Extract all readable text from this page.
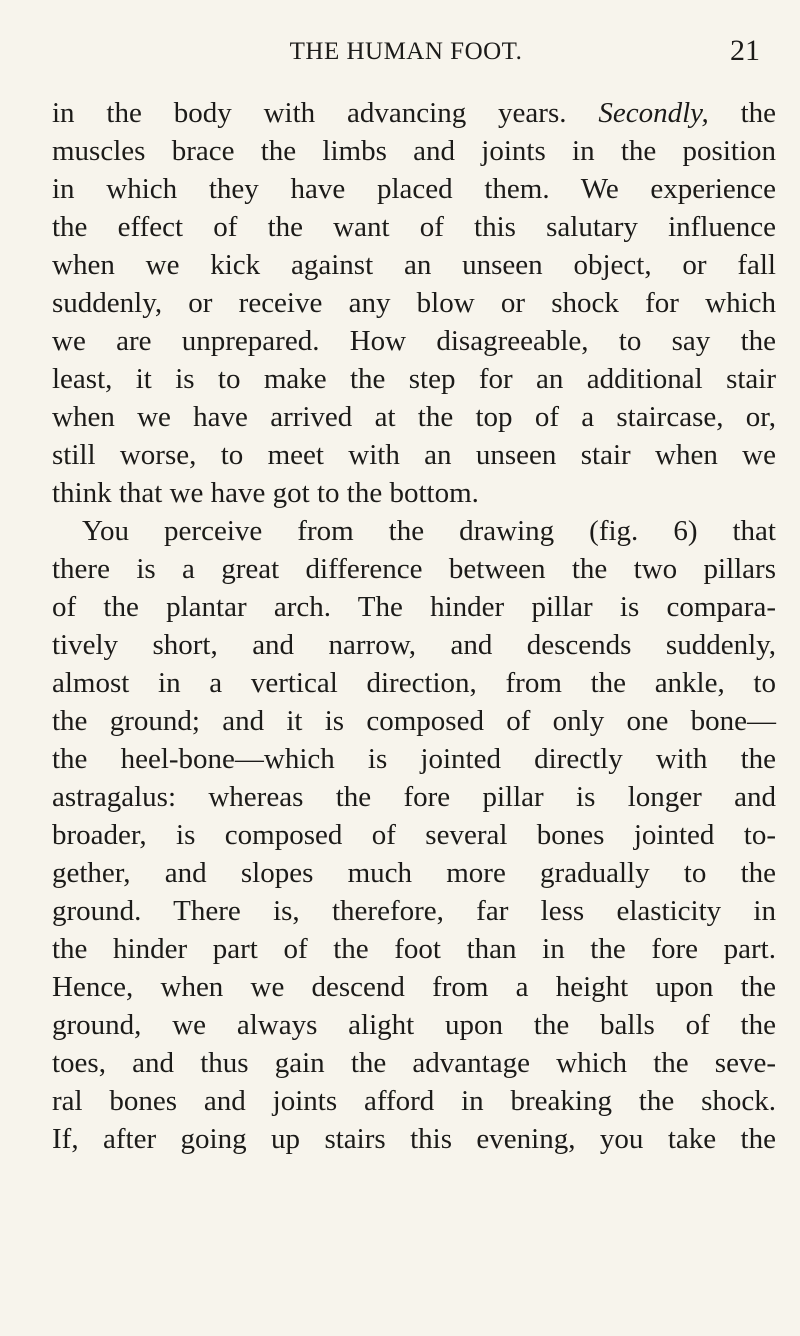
THE HUMAN FOOT.	21
in the body with advancing years. Secondly, the
muscles brace the limbs and joints in the position
in which they have placed them. We experience
the effect of the want of this salutary influence
when we kick against an unseen object, or fall
suddenly, or receive any blow or shock for which
we are unprepared. How disagreeable, to say the
least, it is to make the step for an additional stair
when we have arrived at the top of a staircase, or,
still worse, to meet with an unseen stair when we
think that we have got to the bottom.
You perceive from the drawing (fig. 6) that
there is a great difference between the two pillars
of the plantar arch. The hinder pillar is compara-
tively short, and narrow, and descends suddenly,
almost in a vertical direction, from the ankle, to
the ground; and it is composed of only one bone—
the heel-bone—which is jointed directly with the
astragalus: whereas the fore pillar is longer and
broader, is composed of several bones jointed to-
gether, and slopes much more gradually to the
ground. There is, therefore, far less elasticity in
the hinder part of the foot than in the fore part.
Hence, when we descend from a height upon the
ground, we always alight upon the balls of the
toes, and thus gain the advantage which the seve-
ral bones and joints afford in breaking the shock.
If, after going up stairs this evening, you take the
